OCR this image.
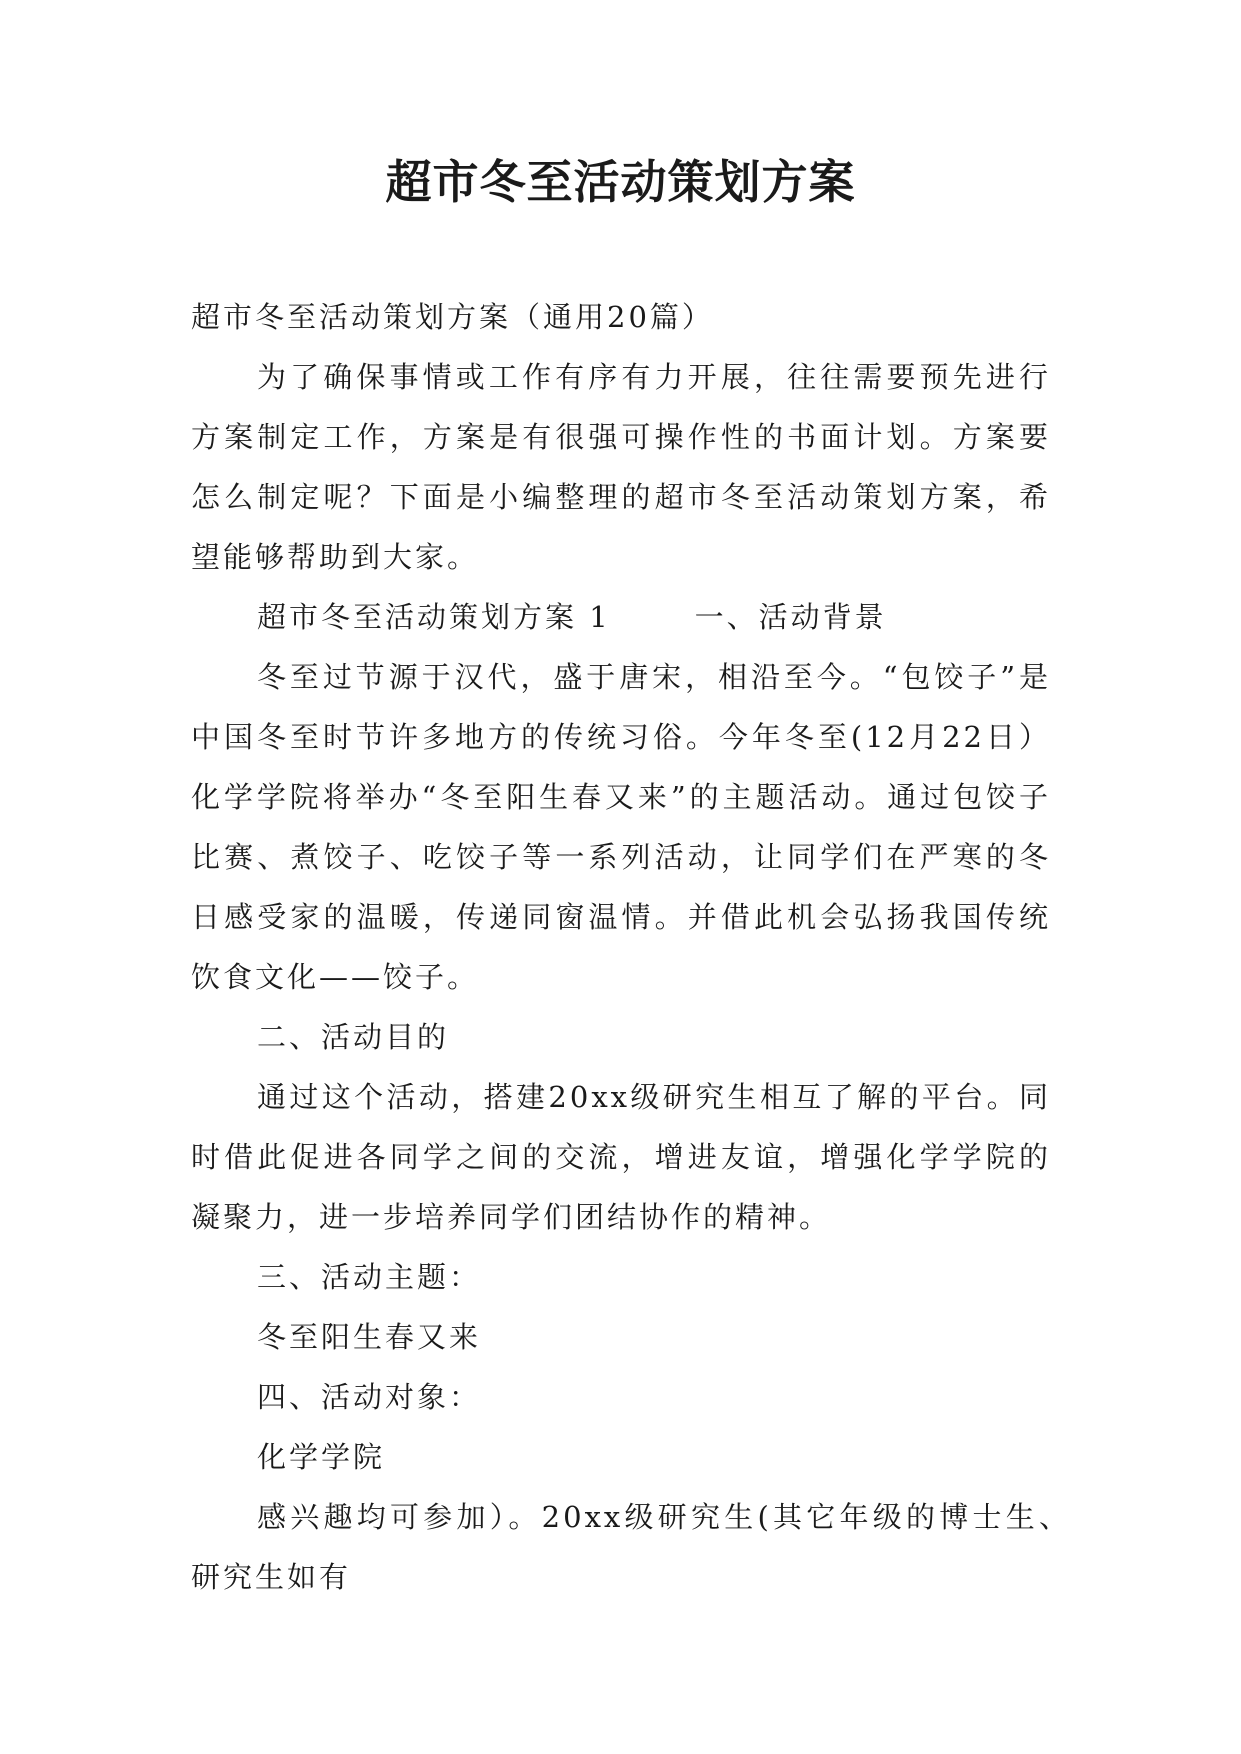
超市冬至活动策划方案

超市冬至活动策划方案（通用20篇）

为了确保事情或工作有序有力开展，往往需要预先进行方案制定工作，方案是有很强可操作性的书面计划。方案要怎么制定呢？下面是小编整理的超市冬至活动策划方案，希望能够帮助到大家。

超市冬至活动策划方案 1	一、活动背景

冬至过节源于汉代，盛于唐宋，相沿至今。“包饺子”是中国冬至时节许多地方的传统习俗。今年冬至(12月22日）化学学院将举办“冬至阳生春又来”的主题活动。通过包饺子比赛、煮饺子、吃饺子等一系列活动，让同学们在严寒的冬日感受家的温暖，传递同窗温情。并借此机会弘扬我国传统饮食文化——饺子。

二、活动目的

通过这个活动，搭建20xx级研究生相互了解的平台。同时借此促进各同学之间的交流，增进友谊，增强化学学院的凝聚力，进一步培养同学们团结协作的精神。

三、活动主题：

冬至阳生春又来

四、活动对象：

化学学院

感兴趣均可参加）。20xx级研究生(其它年级的博士生、研究生如有
